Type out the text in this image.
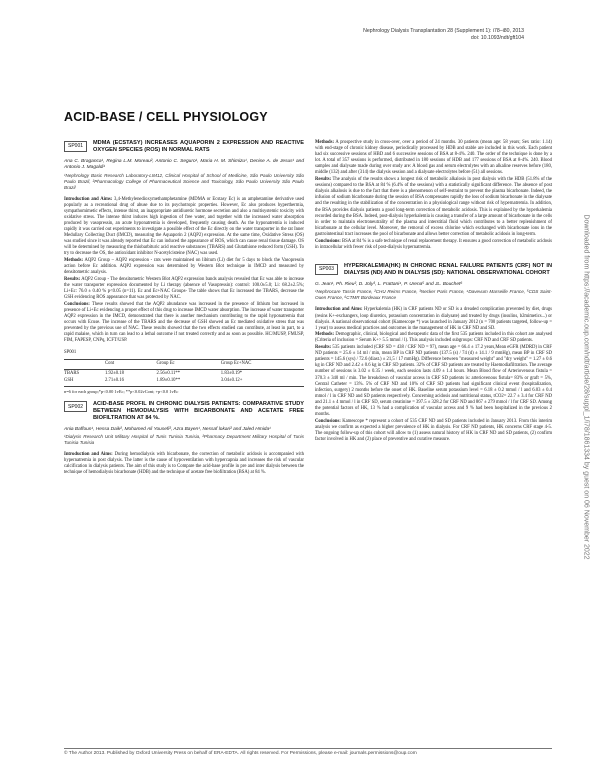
Nephrology Dialysis Transplantation 28 (Supplement 1): i78–i80, 2013
doi: 10.1093/ndt/gft104
ACID-BASE / CELL PHYSIOLOGY
SP001	MDMA (ECSTASY) INCREASES AQUAPORIN 2 EXPRESSION AND REACTIVE OXYGEN SPECIES (ROS) IN NORMAL RATS
Ana C. Braganca¹, Regina L.M. Moreau², Antonio C. Seguro¹, Maria H. M. Shimizu¹, Denise A. de Jesus¹ and Antonio J. Magaldi¹
¹Nephrology Basic Research Laboratory-LIM12, Clinical Hospital of School of Medicine, São Paulo University São Paulo Brazil, ²Pharmacology College of Pharmaceutical Science and Toxicology, São Paulo University São Paulo Brazil

Introduction and Aims: 3,4-Methylenedioxymethamphetamine (MDMA or Ecstasy Ec) is an amphetamine derivative used popularly as a recreational drug of abuse due to its psychotropic properties. However, Ec also produces hyperthermia, sympathomimetic effects, intense thirst, an inappropriate antidiuretic hormone secretion and also a multisystemic toxicity with oxidative stress. The intense thirst induces high ingestion of free water, and together with the increased water absorption produced by vasopressin, an acute hyponatremia is developed, frequently causing death. As the hyponatremia is induced rapidly it was carried out experiments to investigate a possible effect of the Ec directly on the water transporter in the rat Inner Medullary Collecting Duct (IMCD), measuring the Aquaporin 2 (AQP2) expression. At the same time, Oxidative Stress (OS) was studied since it was already reported that Ec can induced the appearance of ROS, which can cause renal tissue damage. OS will be determined by measuring the thiobarbituric acid reactive substances (TBARS) and Glutathione reduced form (GSH). To try to decrease the OS, the antioxidant inhibitor N-acetylcisteine (NAC) was used.

Methods: AQP2 Group – AQP2 expression - rats were maintained on libitum (Li) diet for 5 days to block the Vasopressin action before Ec addition. AQP2 expression was determined by Western Blot technique in IMCD and measured by densitometric analysis.

Results: AQP2 Group - The densitometric Western Blot AQP2 expression bands analysis revealed that Ec was able to increase the water transporter expression documented by Li therapy (absence of Vasopressin): control: 100.0±5.0; Li: 68.2±2.5%; Li+Ec: 76.0 ± 0.40 % p<0.05 (n=11). Ec and Ec+NAC Groups- The table shows that Ec increased the TBARS, decrease the GSH evidencing ROS appearance that was protected by NAC.

Conclusions: These results showed that the AQP2 abundance was increased in the presence of lithium but increased in presence of Li+Ec evidencing a proper effect of this drug to increase IMCD water absorption. The increase of water transporter AQP2 expression in the IMCD, demonstrated that there is another mechanism contributing to the rapid hyponatremia that occurs with Ecuse. The increase of the TBARS and the decrease of GSH showed an Ec mediated oxidative stress that was prevented by the previous use of NAC. These results showed that the two effects studied can contribute, at least in part, to a rapid malaise, which in turn can lead to a lethal outcome if not treated correctly and as soon as possible. HC/MUSP, FMUSP, FIM, FAPESP, CNPq, ICFT/USP.

SP001
	Cont	Group Ec	Group Ec+NAC
TBARS	1.92±0.18	2.56±0.11**	1.83±0.19*
GSH	2.71±0.16	1.89±0.10**	3.04±0.12+
n=6 for each group;*p<0.00 1vEc; **p<0.02vCont; +p<0.0 1vEc
SP002	ACID-BASE PROFIL IN CHRONIC DIALYSIS PATIENTS: COMPARATIVE STUDY BETWEEN HEMODIALYSIS WITH BICARBONATE AND ACETATE FREE BIOFILTRATION AT 84 %.
Ania Baffoun¹, Hessa Daik², Mohamed Ali Yousefi², Azra Bayen¹, Nessaf lokari² and Jaled Hmida¹
¹Dialysis Research Unit Military Hospital of Tunis Tunisia Tunisia, ²Pharmacy Department Military Hospital of Tunis Tunisia Tunisia

Introduction and Aims: During hemodialysis with bicarbonate, the correction of metabolic acidosis is accompanied with hypernatremia in post dialysis. The latter is the cause of hypoventilation with hypercapnia and increases the risk of vascular calcification in dialysis patients. The aim of this study is to Compare the acid-base profile in pre and inter dialysis between the technique of hemodialysis bicarbonate (HDB) and the technique of acetate free biofiltration (BSA) at 84 %.

Methods: A prospective study in cross-over, over a period of 24 months. 30 patients (mean age: 58 years; Sex ratio: 1.14) with end-stage of chronic kidney disease, periodically processed by HDB and stable are included in this work. Each patient had six successive sessions of HBD and 6 successive sessions of BSA at 8-4%. 240. The order of the technique is done by a lot. A total of 357 sessions is performed, distributed in 180 sessions of HDB and 177 sessions of BSA at 8-4%. 240. Blood samples and dialysate made during over study are: A blood gas and serum electrolytes with an alkaline reserves before (180, middle (132) and after (314) the dialysis session and a dialysate electrolytes before (51) all sessions.

Results: The analysis of the results shows a longest risk of metabolic alkalosis in post dialysis with the HDB (51.8% of the sessions) compared to the BSA at 84 % (6.4% of the sessions) with a statistically significant difference. The absence of post dialysis alkalosis is due to the fact that there is a phenomenon of self-restraint to prevent the plasma bicarbonate. Indeed, the infusion of sodium bicarbonate during the session of BSA compensates rapidly the loss of sodium bicarbonate in the dialysate and the resulting in the stabilization of the concentration in a physiological range without risk of hypernatremia. In addition, the BSA provides dialysis patients a good long-term correction of metabolic acidosis. This is explained by the hyperkalemia recorded during the BSA. Indeed, post-dialysis hyperkalemia is causing a transfer of a large amount of bicarbonate in the cells in order to maintain electroneutrality of the plasma and interstitial fluid which contributes to a better replenishment of bicarbonate at the cellular level. Moreover, the removal of excess chlorine which exchanged with bicarbonate ions in the gastrointestinal tract increases the pool of bicarbonate and allows better correction of metabolic acidosis in long-term.

Conclusions: BSA at 84 % is a safe technique of renal replacement therapy. It ensures a good correction of metabolic acidosis in intracellular with fewer risk of post-dialysis hypernatremia.

SP003	HYPERKALEMIA(HK) IN CHRONIC RENAL FAILURE PATIENTS (CRF) NOT IN DIALYSIS (ND) AND IN DIALYSIS (SD): NATIONAL OBSERVATIONAL COHORT
G. Jean¹, Ph. Rieu², D. Joly³, L. Frattani⁴, P. Urena⁵ and JL. Bouchet⁶
¹Nephrocare Tassin France, ²CHU Reims France, ³Necker Paris France, ⁴Davevum Marseille France, ⁵CDS Saint-Ouen France, ⁶CTMR Bordeaux France

Introduction and Aims: Hyperkalemia (HK) in CRF patients ND or SD is a dreaded complication prevented by diet, drugs (resins K+-exchangers, loop diuretics, potassium concentration in dialysate) and treated by drugs (insulins, b2mimetics...) or dialysis. A national observational cohort (Kamescope *) was launched in January 2012 (n = 700 patients targeted, follow-up = 1 year) to assess medical practices and outcomes in the management of HK in CRF ND and SD.

Methods: Demographic, clinical, biological and therapeutic data of the first 535 patients included in this cohort are analysed (Criteria of inclusion = Serum K+> 5.5 mmol / l). This analysis included subgroups: CRF ND and CRF SD patients.

Results: 535 patients included (CRF SD = 438 / CRF ND = 97), mean age = 66.4 ± 17.2 years,Mean eGFR (MDRD) in CRF ND patients = 25.6 ± 14 ml / min, mean BP in CRF ND patients (137.5 (s) / 74 (d) ± 14.1 / 9 mmHg), mean BP in CRF SD patients = 145.6 (sys) / 72.6 (diast.) ± 21,5 / 17 mmHg). Difference between "measured weight" and "dry weight" = 1.27 ± 0.6 kg in CRF ND and 2.42 ± 0.6 kg in CRF SD patients. 32% of CRF SD patients are treated by Haemodiafiltration. The average number of sessions is 3.02 ± 0.35 / week, each session lasts 4.09 ± 1.4 hours. Mean Blood flow of Arteriovenous fistula = 370.3 ± 340 ml / min. The breakdown of vascular access in CRF SD patients is: arteriovenous fistula= 83% or graft = 5%, Central Catheter = 13%. 5% of CRF ND and 10% of CRF SD patients had significant clinical event (hospitalization, infection, surgery) 2 months before the onset of HK. Baseline serum potassium level = 6.18 ± 0.2 mmol / l and 6.03 ± 0.4 mmol / l in CRF ND and SD patients respectively. Concerning acidosis and nutritional status, tCO2= 22.7 ± 3.4 for CRF ND and 21.1 ± 4 mmol / l in CRF SD, serum creatinine = 397.5 ± 328.2 for CRF ND and 867 ± 279 mmol / l for CRF SD. Among the potential factors of HK, 13 % had a complication of vascular access and 9 % had been hospitalized in the previous 2 months.

Conclusions: Kamescope * represent a cohort of 535 CRF ND and SD patients included in January 2013. From this interim analysis we confirm as expected a higher prevalence of HK in dialysis. For CRF ND patients, HK concerns CRF stage 4-5. The ongoing follow-up of this cohort will allow to (1) assess natural history of HK in CRF ND and SD patients, (2) confirm factor involved in HK and (2) place of preventive and curative measure.	Downloaded from https://academic.oup.com/ndt/article/28/suppl_1/i78/1861334 by guest on 06 November 2022
© The Author 2013. Published by Oxford University Press on behalf of ERA-EDTA. All rights reserved. For Permissions, please e-mail: journals.permissions@oup.com
